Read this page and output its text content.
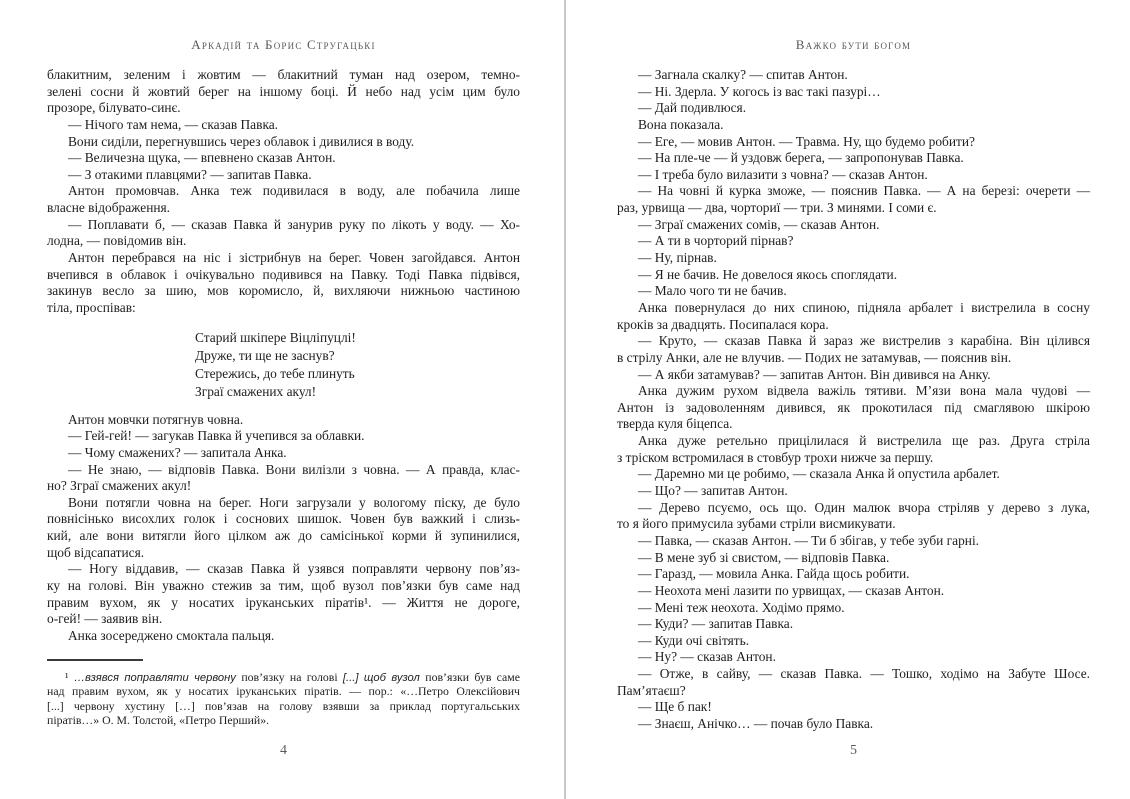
Аркадій та Борис Стругацькі
блакитним, зеленим і жовтим — блакитний туман над озером, темно-
зелені сосни й жовтий берег на іншому боці. Й небо над усім цим було
прозоре, білувато-синє.
— Нічого там нема, — сказав Павка.
Вони сиділи, перегнувшись через облавок і дивилися в воду.
— Величезна щука, — впевнено сказав Антон.
— З отакими плавцями? — запитав Павка.
Антон промовчав. Анка теж подивилася в воду, але побачила лише
власне відображення.
— Поплавати б, — сказав Павка й занурив руку по лікоть у воду. — Хо-
лодна, — повідомив він.
Антон перебрався на ніс і зістрибнув на берег. Човен загойдався. Антон
вчепився в облавок і очікувально подивився на Павку. Тоді Павка підвівся,
закинув весло за шию, мов коромисло, й, вихляючи нижньою частиною
тіла, проспівав:
Старий шкіпере Віцліпуцлі!
Друже, ти ще не заснув?
Стережись, до тебе плинуть
Зграї смажених акул!
Антон мовчки потягнув човна.
— Гей-гей! — загукав Павка й учепився за облавки.
— Чому смажених? — запитала Анка.
— Не знаю, — відповів Павка. Вони вилізли з човна. — А правда, клас-
но? Зграї смажених акул!
Вони потягли човна на берег. Ноги загрузали у вологому піску, де було
повнісінько висохлих голок і соснових шишок. Човен був важкий і слизь-
кий, але вони витягли його цілком аж до самісінької корми й зупинилися,
щоб відсапатися.
— Ногу віддавив, — сказав Павка й узявся поправляти червону пов’яз-
ку на голові. Він уважно стежив за тим, щоб вузол пов’язки був саме над
правим вухом, як у носатих іруканських піратів¹. — Життя не дороге,
о-гей! — заявив він.
Анка зосереджено смоктала пальця.
¹ …взявся поправляти червону пов’язку на голові [...] щоб вузол пов’язки був саме
над правим вухом, як у носатих іруканських піратів. — пор.: «…Петро Олексійович
[...] червону хустину […] пов’язав на голову взявши за приклад португальських
піратів…» О. М. Толстой, «Петро Перший».
4
Важко бути богом
— Загнала скалку? — спитав Антон.
— Ні. Здерла. У когось із вас такі пазурі…
— Дай подивлюся.
Вона показала.
— Еге, — мовив Антон. — Травма. Ну, що будемо робити?
— На пле-че — й уздовж берега, — запропонував Павка.
— І треба було вилазити з човна? — сказав Антон.
— На човні й курка зможе, — пояснив Павка. — А на березі: очерети —
раз, урвища — два, чорториї — три. З минями. І соми є.
— Зграї смажених сомів, — сказав Антон.
— А ти в чорторий пірнав?
— Ну, пірнав.
— Я не бачив. Не довелося якось споглядати.
— Мало чого ти не бачив.
Анка повернулася до них спиною, підняла арбалет і вистрелила в сосну
кроків за двадцять. Посипалася кора.
— Круто, — сказав Павка й зараз же вистрелив з карабіна. Він цілився
в стрілу Анки, але не влучив. — Подих не затамував, — пояснив він.
— А якби затамував? — запитав Антон. Він дивився на Анку.
Анка дужим рухом відвела важіль тятиви. М’язи вона мала чудові —
Антон із задоволенням дивився, як прокотилася під смаглявою шкірою
тверда куля біцепса.
Анка дуже ретельно прицілилася й вистрелила ще раз. Друга стріла
з тріском встромилася в стовбур трохи нижче за першу.
— Даремно ми це робимо, — сказала Анка й опустила арбалет.
— Що? — запитав Антон.
— Дерево псуємо, ось що. Один малюк вчора стріляв у дерево з лука,
то я його примусила зубами стріли висмикувати.
— Павка, — сказав Антон. — Ти б збігав, у тебе зуби гарні.
— В мене зуб зі свистом, — відповів Павка.
— Гаразд, — мовила Анка. Гайда щось робити.
— Неохота мені лазити по урвищах, — сказав Антон.
— Мені теж неохота. Ходімо прямо.
— Куди? — запитав Павка.
— Куди очі світять.
— Ну? — сказав Антон.
— Отже, в сайву, — сказав Павка. — Тошко, ходімо на Забуте Шосе.
Пам’ятаєш?
— Ще б пак!
— Знаєш, Анічко… — почав було Павка.
5
